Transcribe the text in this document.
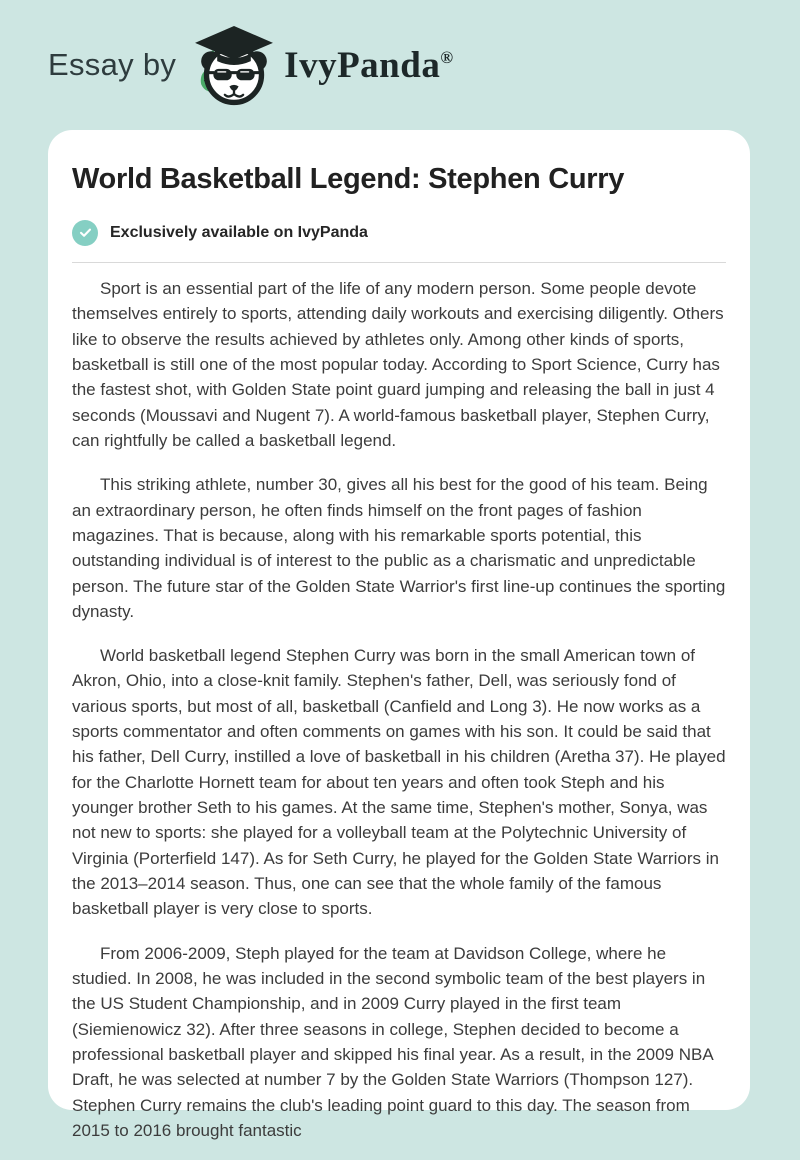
Essay by	IvyPanda®
World Basketball Legend: Stephen Curry
Exclusively available on IvyPanda

Sport is an essential part of the life of any modern person. Some people devote themselves entirely to sports, attending daily workouts and exercising diligently. Others like to observe the results achieved by athletes only. Among other kinds of sports, basketball is still one of the most popular today. According to Sport Science, Curry has the fastest shot, with Golden State point guard jumping and releasing the ball in just 4 seconds (Moussavi and Nugent 7). A world-famous basketball player, Stephen Curry, can rightfully be called a basketball legend.

This striking athlete, number 30, gives all his best for the good of his team. Being an extraordinary person, he often finds himself on the front pages of fashion magazines. That is because, along with his remarkable sports potential, this outstanding individual is of interest to the public as a charismatic and unpredictable person. The future star of the Golden State Warrior's first line-up continues the sporting dynasty.

World basketball legend Stephen Curry was born in the small American town of Akron, Ohio, into a close-knit family. Stephen's father, Dell, was seriously fond of various sports, but most of all, basketball (Canfield and Long 3). He now works as a sports commentator and often comments on games with his son. It could be said that his father, Dell Curry, instilled a love of basketball in his children (Aretha 37). He played for the Charlotte Hornett team for about ten years and often took Steph and his younger brother Seth to his games. At the same time, Stephen's mother, Sonya, was not new to sports: she played for a volleyball team at the Polytechnic University of Virginia (Porterfield 147). As for Seth Curry, he played for the Golden State Warriors in the 2013–2014 season. Thus, one can see that the whole family of the famous basketball player is very close to sports.

From 2006-2009, Steph played for the team at Davidson College, where he studied. In 2008, he was included in the second symbolic team of the best players in the US Student Championship, and in 2009 Curry played in the first team (Siemienowicz 32). After three seasons in college, Stephen decided to become a professional basketball player and skipped his final year. As a result, in the 2009 NBA Draft, he was selected at number 7 by the Golden State Warriors (Thompson 127). Stephen Curry remains the club's leading point guard to this day. The season from 2015 to 2016 brought fantastic
